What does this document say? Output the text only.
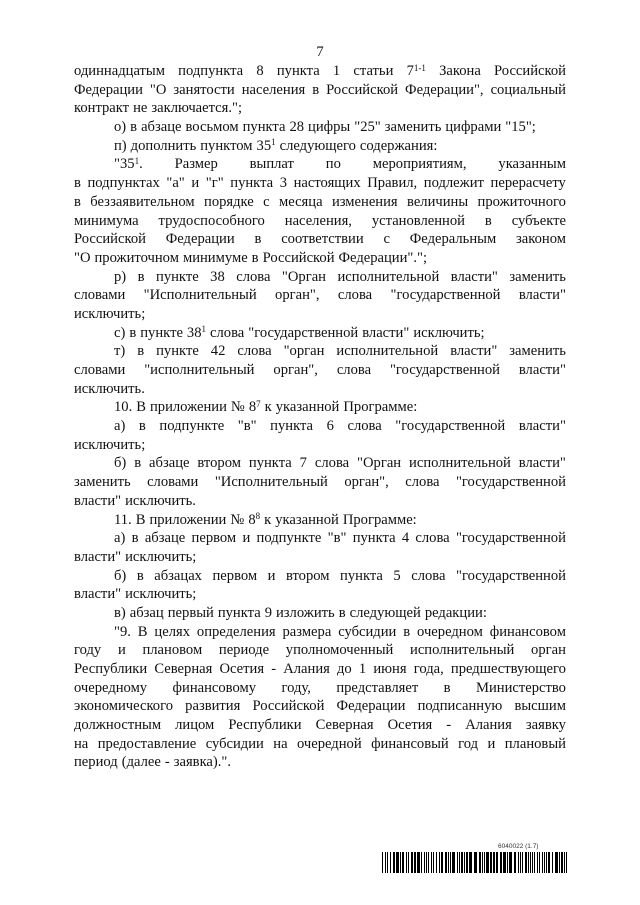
7
одиннадцатым подпункта 8 пункта 1 статьи 7$^{1-1}$ Закона Российской
Федерации "О занятости населения в Российской Федерации", социальный
контракт не заключается.";
о) в абзаце восьмом пункта 28 цифры "25" заменить цифрами "15";
п) дополнить пунктом $35^1$ следующего содержания:
"$35^1$. Размер выплат по мероприятиям, указанным
в подпунктах "а" и "г" пункта 3 настоящих Правил, подлежит перерасчету
в беззаявительном порядке с месяца изменения величины прожиточного
минимума трудоспособного населения, установленной в субъекте
Российской Федерации в соответствии с Федеральным законом
"О прожиточном минимуме в Российской Федерации".";
р) в пункте 38 слова "Орган исполнительной власти" заменить
словами "Исполнительный орган", слова "государственной власти"
исключить;
с) в пункте $38^1$ слова "государственной власти" исключить;
т) в пункте 42 слова "орган исполнительной власти" заменить
словами "исполнительный орган", слова "государственной власти"
исключить.
10. В приложении № $8^7$ к указанной Программе:
а) в подпункте "в" пункта 6 слова "государственной власти"
исключить;
б) в абзаце втором пункта 7 слова "Орган исполнительной власти"
заменить словами "Исполнительный орган", слова "государственной
власти" исключить.
11. В приложении № $8^8$ к указанной Программе:
а) в абзаце первом и подпункте "в" пункта 4 слова "государственной
власти" исключить;
б) в абзацах первом и втором пункта 5 слова "государственной
власти" исключить;
в) абзац первый пункта 9 изложить в следующей редакции:
"9. В целях определения размера субсидии в очередном финансовом
году и плановом периоде уполномоченный исполнительный орган
Республики Северная Осетия - Алания до 1 июня года, предшествующего
очередному финансовому году, представляет в Министерство
экономического развития Российской Федерации подписанную высшим
должностным лицом Республики Северная Осетия - Алания заявку
на предоставление субсидии на очередной финансовый год и плановый
период (далее - заявка).".
6040022 (1.7)
